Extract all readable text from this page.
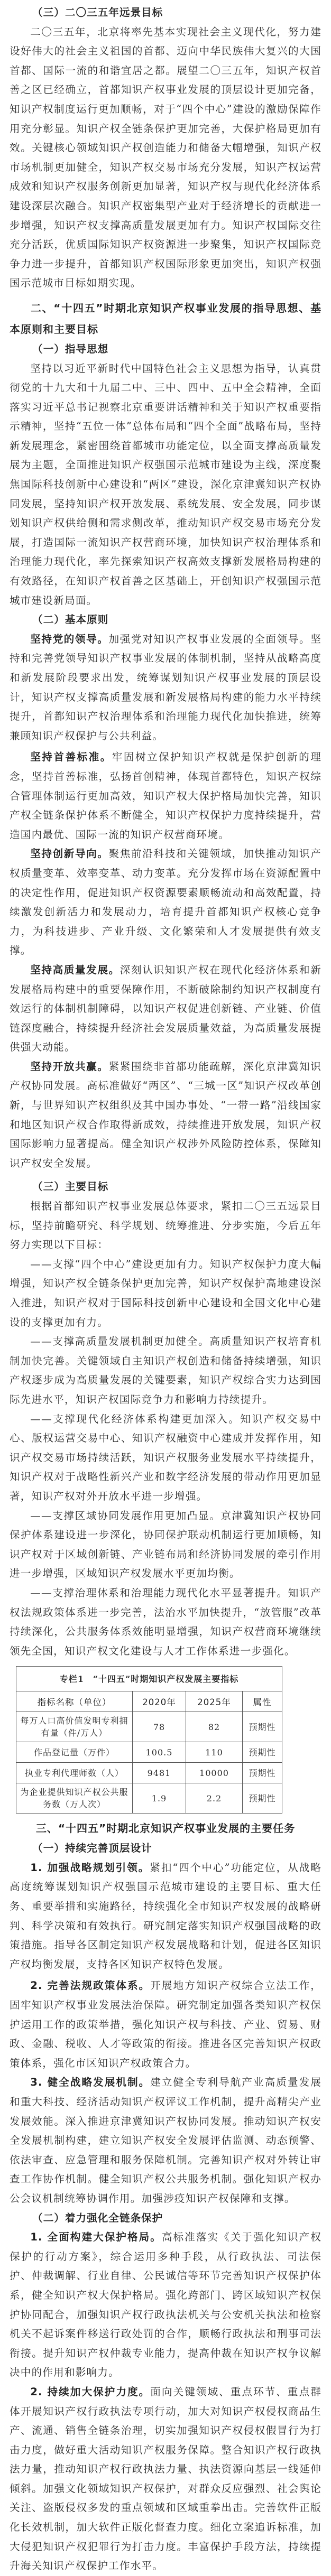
（三）二〇三五年远景目标

二〇三五年，北京将率先基本实现社会主义现代化，努力建设好伟大的社会主义祖国的首都、迈向中华民族伟大复兴的大国首都、国际一流的和谐宜居之都。展望二〇三五年，知识产权首善之区已经确立，首都知识产权事业发展的顶层设计更加完备，知识产权制度运行更加顺畅，对于“四个中心”建设的激励保障作用充分彰显。知识产权全链条保护更加完善，大保护格局更加有效。关键核心领域知识产权创造能力和储备大幅增强，知识产权市场机制更加健全，知识产权交易市场充分发展，知识产权运营成效和知识产权服务创新更加显著，知识产权与现代化经济体系建设深层次融合。知识产权密集型产业对于经济增长的贡献进一步增强，知识产权支撑高质量发展更加有力。知识产权国际交往充分活跃，优质国际知识产权资源进一步聚集，知识产权国际竞争力进一步提升，首都知识产权国际形象更加突出，知识产权强国示范城市目标如期实现。

二、“十四五”时期北京知识产权事业发展的指导思想、基本原则和主要目标
（一）指导思想

坚持以习近平新时代中国特色社会主义思想为指导，认真贯彻党的十九大和十九届二中、三中、四中、五中全会精神，全面落实习近平总书记视察北京重要讲话精神和关于知识产权重要指示精神，坚持“五位一体”总体布局和“四个全面”战略布局，坚持新发展理念，紧密围绕首都城市功能定位，以全面支撑高质量发展为主题，全面推进知识产权强国示范城市建设为主线，深度聚焦国际科技创新中心建设和“两区”建设，深化京津冀知识产权协同发展，坚持知识产权开放发展、系统发展、安全发展，同步谋划知识产权供给侧和需求侧改革，推动知识产权交易市场充分发展，打造国际一流知识产权营商环境，加快知识产权治理体系和治理能力现代化，率先探索知识产权高效支撑新发展格局构建的有效路径，在知识产权首善之区基础上，开创知识产权强国示范城市建设新局面。

（二）基本原则

坚持党的领导。加强党对知识产权事业发展的全面领导。坚持和完善党领导知识产权事业发展的体制机制，坚持从战略高度和新发展阶段要求出发，统筹谋划知识产权事业发展的顶层设计，知识产权支撑高质量发展和新发展格局构建的能力水平持续提升，首都知识产权治理体系和治理能力现代化加快推进，统筹兼顾知识产权保护与公共利益。

坚持首善标准。牢固树立保护知识产权就是保护创新的理念，坚持首善标准，弘扬首创精神，体现首都特色，知识产权综合管理体制运行更加高效，知识产权大保护格局加快完善，知识产权全链条保护体系不断健全，知识产权保护力度持续提升，营造国内最优、国际一流的知识产权营商环境。

坚持创新导向。聚焦前沿科技和关键领域，加快推动知识产权质量变革、效率变革、动力变革。充分发挥市场在资源配置中的决定性作用，促进知识产权资源要素顺畅流动和高效配置，持续激发创新活力和发展动力，培育提升首都知识产权核心竞争力，为科技进步、产业升级、文化繁荣和人才发展提供有效支撑。

坚持高质量发展。深刻认识知识产权在现代化经济体系和新发展格局构建中的重要保障作用，不断破除制约知识产权制度有效运行的体制机制障碍，以知识产权促进创新链、产业链、价值链深度融合，持续提升经济社会发展质量效益，为高质量发展提供强大动能。

坚持开放共赢。紧紧围绕非首都功能疏解，深化京津冀知识产权协同发展。高标准做好“两区”、“三城一区”知识产权改革创新，与世界知识产权组织及其中国办事处、“一带一路”沿线国家和地区知识产权合作取得新成效，持续推进开放发展，知识产权国际影响力显著提高。健全知识产权涉外风险防控体系，保障知识产权安全发展。

（三）主要目标

根据首都知识产权事业发展总体要求，紧扣二〇三五远景目标，坚持前瞻研究、科学规划、统筹推进、分步实施，今后五年努力实现以下目标：

——支撑“四个中心”建设更加有力。知识产权保护力度大幅增强，知识产权全链条保护更加完善，知识产权保护高地建设深入推进，知识产权对于国际科技创新中心建设和全国文化中心建设的支撑更加有力。

——支撑高质量发展机制更加健全。高质量知识产权培育机制加快完善。关键领域自主知识产权创造和储备持续增强，知识产权逐步成为高质量发展的关键要素，知识产权综合实力达到国际先进水平，知识产权国际竞争力和影响力持续提升。

——支撑现代化经济体系构建更加深入。知识产权交易中心、版权运营交易中心、知识产权融资中心建成并发挥作用，知识产权交易市场持续活跃，知识产权服务业发展水平持续提升，知识产权对于战略性新兴产业和数字经济发展的带动作用更加显著，知识产权对外开放水平进一步增强。

——支撑区域协同发展作用更加凸显。京津冀知识产权协同保护体系建设进一步深化，协同保护联动机制运行更加顺畅，知识产权对于区域创新链、产业链布局和经济协同发展的牵引作用进一步增强，区域知识产权发展水平更加均衡。

——支撑治理体系和治理能力现代化水平显著提升。知识产权法规政策体系进一步完善，法治水平加快提升，“放管服”改革持续深化，公共服务体系效能明显增强，知识产权营商环境继续领先全国，知识产权文化建设与人才工作体系进一步强化。

专栏1　“十四五”时期知识产权发展主要指标			
指标名称（单位）	2020年	2025年	属性
每万人口高价值发明专利拥有量（件/万人）	78	82	预期性
作品登记量（万件）	100.5	110	预期性
执业专利代理师数（人）	9481	10000	预期性
为企业提供知识产权公共服务数（万人次）	1.9	2.2	预期性
三、“十四五”时期北京知识产权事业发展的主要任务
（一）持续完善顶层设计

1. 加强战略规划引领。紧扣“四个中心”功能定位，从战略高度统筹谋划知识产权强国示范城市建设的主要目标、重大任务、重要举措和实施路径，持续强化全市知识产权发展的战略研判、科学决策和有效执行。研究制定落实知识产权强国战略的政策措施。指导各区制定知识产权发展战略和计划，促进各区知识产权均衡发展，支持各区知识产权特色发展。

2. 完善法规政策体系。开展地方知识产权综合立法工作，固牢知识产权事业发展法治保障。研究制定加强各类知识产权保护运用工作的政策举措，强化知识产权与科技、产业、贸易、财政、金融、税收、人才等政策的衔接。推进各区完善知识产权政策体系，强化市区知识产权政策合力。

3. 健全战略发展机制。建立健全专利导航产业高质量发展和重大科技、经济活动知识产权评议工作机制，提升高精尖产业发展效能。深入推进京津冀知识产权协同发展。推动知识产权安全发展机制构建，建立知识产权安全发展评估监测、动态预警、依法审查、应急管理和服务保障机制。完善知识产权对外转让审查工作协作机制。健全知识产权公共服务机制。强化知识产权办公会议机制统筹协调作用。加强涉疫知识产权保障和支撑。

（二）着力强化全链条保护

1. 全面构建大保护格局。高标准落实《关于强化知识产权保护的行动方案》，综合运用多种手段，从行政执法、司法保护、仲裁调解、行业自律、公民诚信等环节完善知识产权保护体系，健全知识产权大保护格局。强化跨部门、跨区域知识产权保护协同配合，加强知识产权行政执法机关与公安机关执法和检察机关不起诉案件移送行政处罚的合作，顺畅行政执法和刑事司法衔接。提升知识产权仲裁专业能力，提高仲裁在知识产权争议解决中的作用和影响力。

2. 持续加大保护力度。面向关键领域、重点环节、重点群体开展知识产权行政执法专项行动，加大对知识产权侵权商品生产、流通、销售全链条治理，切实加强知识产权侵权假冒行为打击力度，做好重大活动知识产权服务保障。整合知识产权行政执法力量，推动知识产权行政执法力量、执法资源向基层一线延伸倾斜。加强文化领域知识产权保护，对群众反应强烈、社会舆论关注、盗版侵权多发的重点领域和区域重拳出击。完善软件正版化长效机制，加大软件正版化督查力度。细化立案追诉标准，加大侵犯知识产权犯罪行为打击力度。丰富保护手段方法，持续提升海关知识产权保护工作水平。
